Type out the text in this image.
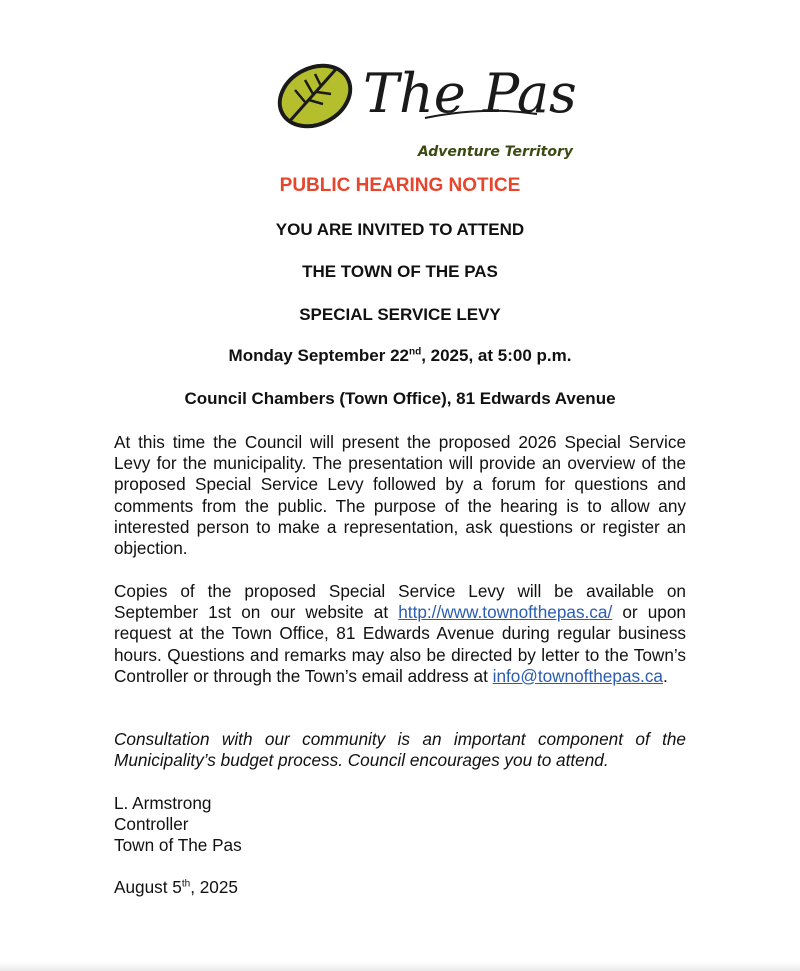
The Pas
Adventure Territory
PUBLIC HEARING NOTICE
YOU ARE INVITED TO ATTEND
THE TOWN OF THE PAS
SPECIAL SERVICE LEVY
Monday September 22nd, 2025, at 5:00 p.m.
Council Chambers (Town Office), 81 Edwards Avenue
At this time the Council will present the proposed 2026 Special Service Levy for the municipality. The presentation will provide an overview of the proposed Special Service Levy followed by a forum for questions and comments from the public. The purpose of the hearing is to allow any interested person to make a representation, ask questions or register an objection.
Copies of the proposed Special Service Levy will be available on September 1st on our website at http://www.townofthepas.ca/ or upon request at the Town Office, 81 Edwards Avenue during regular business hours. Questions and remarks may also be directed by letter to the Town’s Controller or through the Town’s email address at info@townofthepas.ca.
Consultation with our community is an important component of the Municipality’s budget process. Council encourages you to attend.
L. Armstrong
Controller
Town of The Pas
August 5th, 2025
